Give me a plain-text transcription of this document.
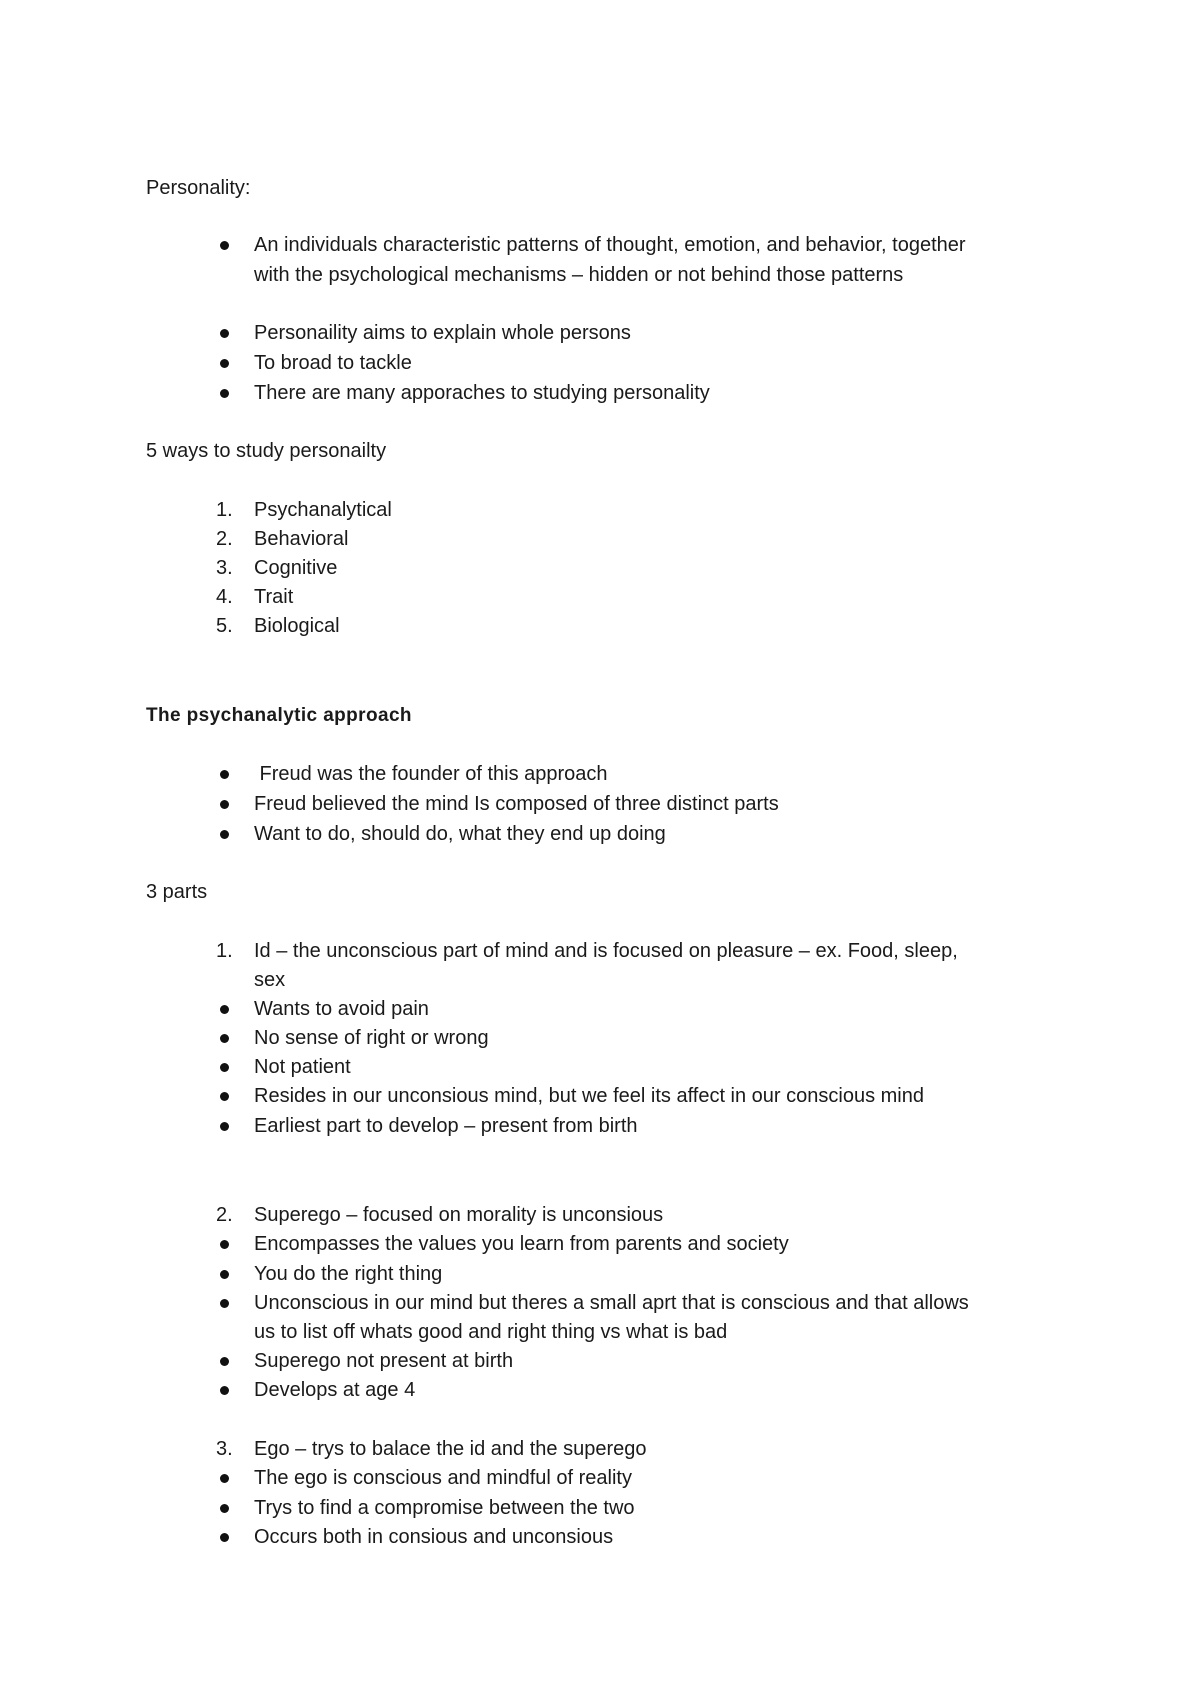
Personality:
An individuals characteristic patterns of thought, emotion, and behavior, together
with the psychological mechanisms – hidden or not behind those patterns
Personaility aims to explain whole persons
To broad to tackle
There are many apporaches to studying personality
5 ways to study personailty
1. Psychanalytical
2. Behavioral
3. Cognitive
4. Trait
5. Biological
The psychanalytic approach
Freud was the founder of this approach
Freud believed the mind Is composed of three distinct parts
Want to do, should do, what they end up doing
3 parts
1. Id – the unconscious part of mind and is focused on pleasure – ex. Food, sleep,
sex
Wants to avoid pain
No sense of right or wrong
Not patient
Resides in our unconsious mind, but we feel its affect in our conscious mind
Earliest part to develop – present from birth
2. Superego – focused on morality is unconsious
Encompasses the values you learn from parents and society
You do the right thing
Unconscious in our mind but theres a small aprt that is conscious and that allows
us to list off whats good and right thing vs what is bad
Superego not present at birth
Develops at age 4
3. Ego – trys to balace the id and the superego
The ego is conscious and mindful of reality
Trys to find a compromise between the two
Occurs both in consious and unconsious
